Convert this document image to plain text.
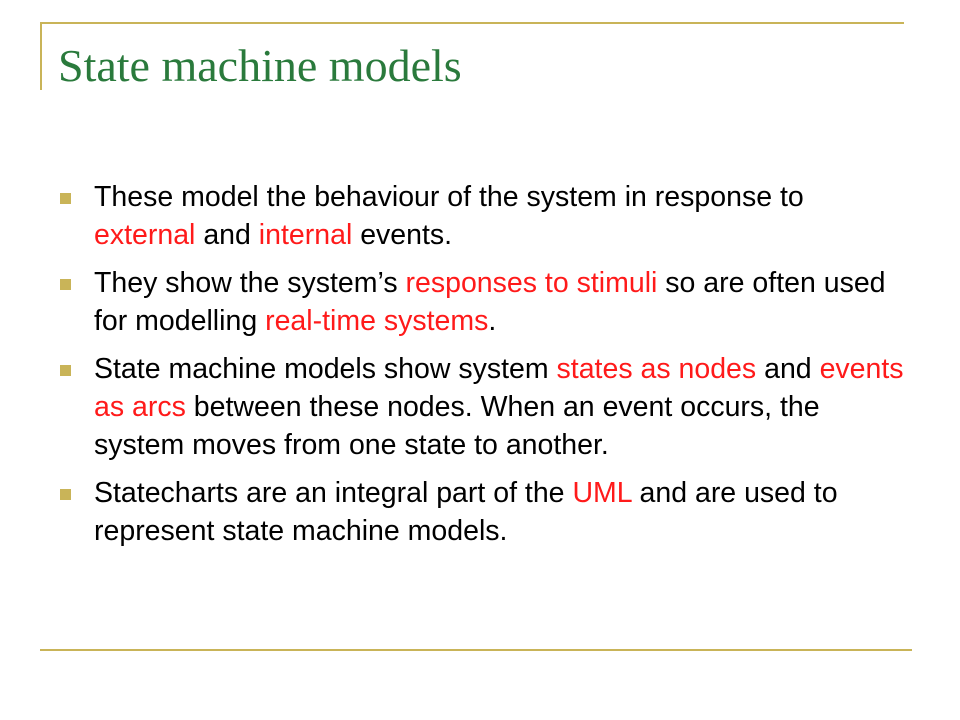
State machine models
These model the behaviour of the system in response to external and internal events.
They show the system’s responses to stimuli so are often used for modelling real-time systems.
State machine models show system states as nodes and events as arcs between these nodes. When an event occurs, the system moves from one state to another.
Statecharts are an integral part of the UML and are used to represent state machine models.
